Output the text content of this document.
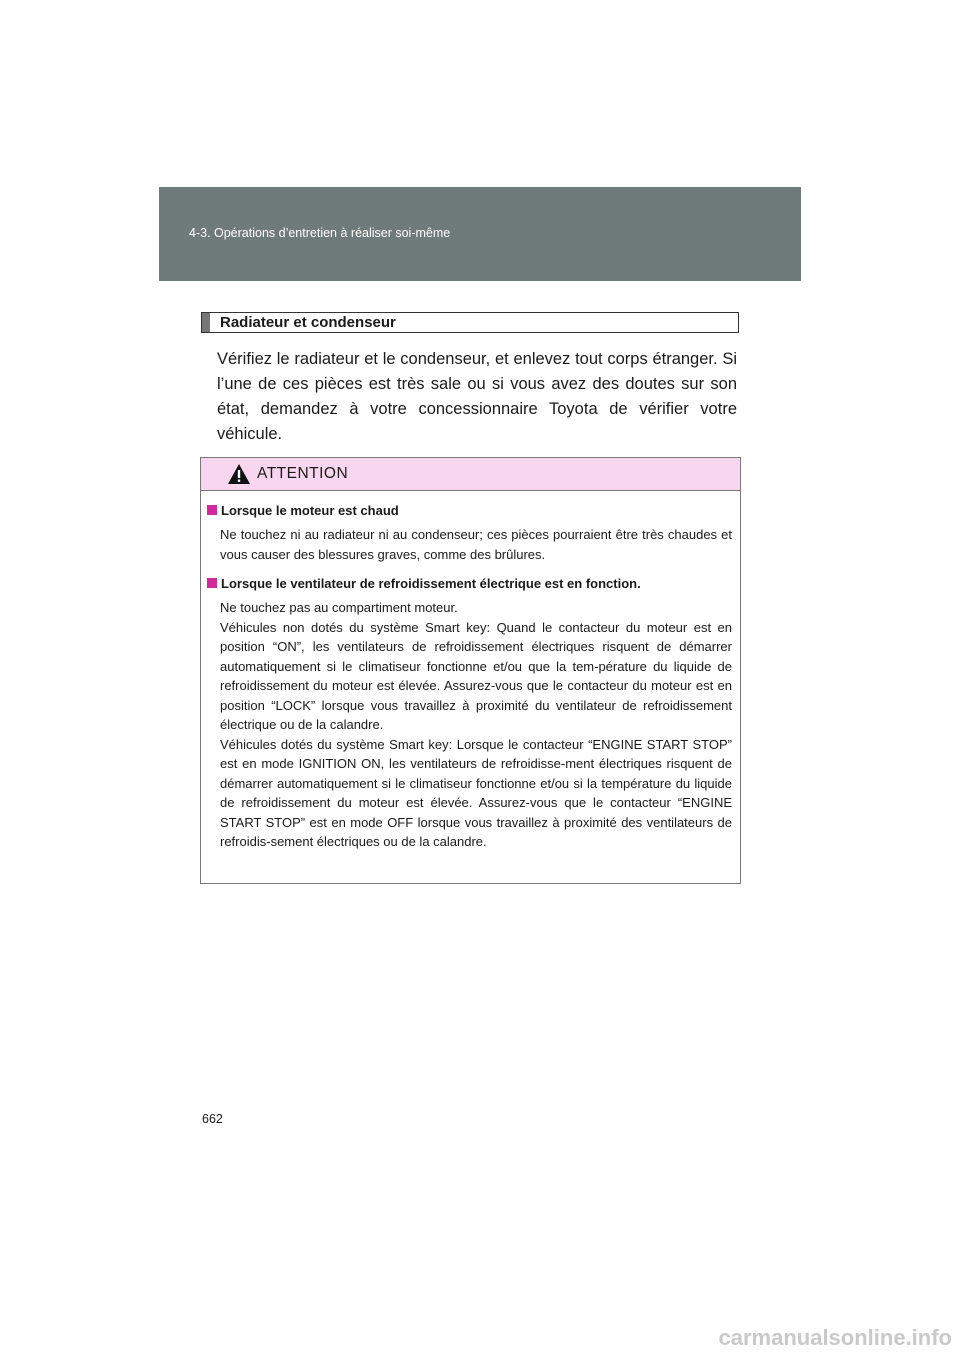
4-3. Opérations d’entretien à réaliser soi-même
Radiateur et condenseur
Vérifiez le radiateur et le condenseur, et enlevez tout corps étranger. Si l’une de ces pièces est très sale ou si vous avez des doutes sur son état, demandez à votre concessionnaire Toyota de vérifier votre véhicule.
ATTENTION
Lorsque le moteur est chaud

Ne touchez ni au radiateur ni au condenseur; ces pièces pourraient être très chaudes et vous causer des blessures graves, comme des brûlures.

Lorsque le ventilateur de refroidissement électrique est en fonction.

Ne touchez pas au compartiment moteur.

Véhicules non dotés du système Smart key: Quand le contacteur du moteur est en position “ON”, les ventilateurs de refroidissement électriques risquent de démarrer automatiquement si le climatiseur fonctionne et/ou que la tem-pérature du liquide de refroidissement du moteur est élevée. Assurez-vous que le contacteur du moteur est en position “LOCK” lorsque vous travaillez à proximité du ventilateur de refroidissement électrique ou de la calandre.

Véhicules dotés du système Smart key: Lorsque le contacteur “ENGINE START STOP” est en mode IGNITION ON, les ventilateurs de refroidisse-ment électriques risquent de démarrer automatiquement si le climatiseur fonctionne et/ou si la température du liquide de refroidissement du moteur est élevée. Assurez-vous que le contacteur “ENGINE START STOP” est en mode OFF lorsque vous travaillez à proximité des ventilateurs de refroidis-sement électriques ou de la calandre.

662
carmanualsonline.info
